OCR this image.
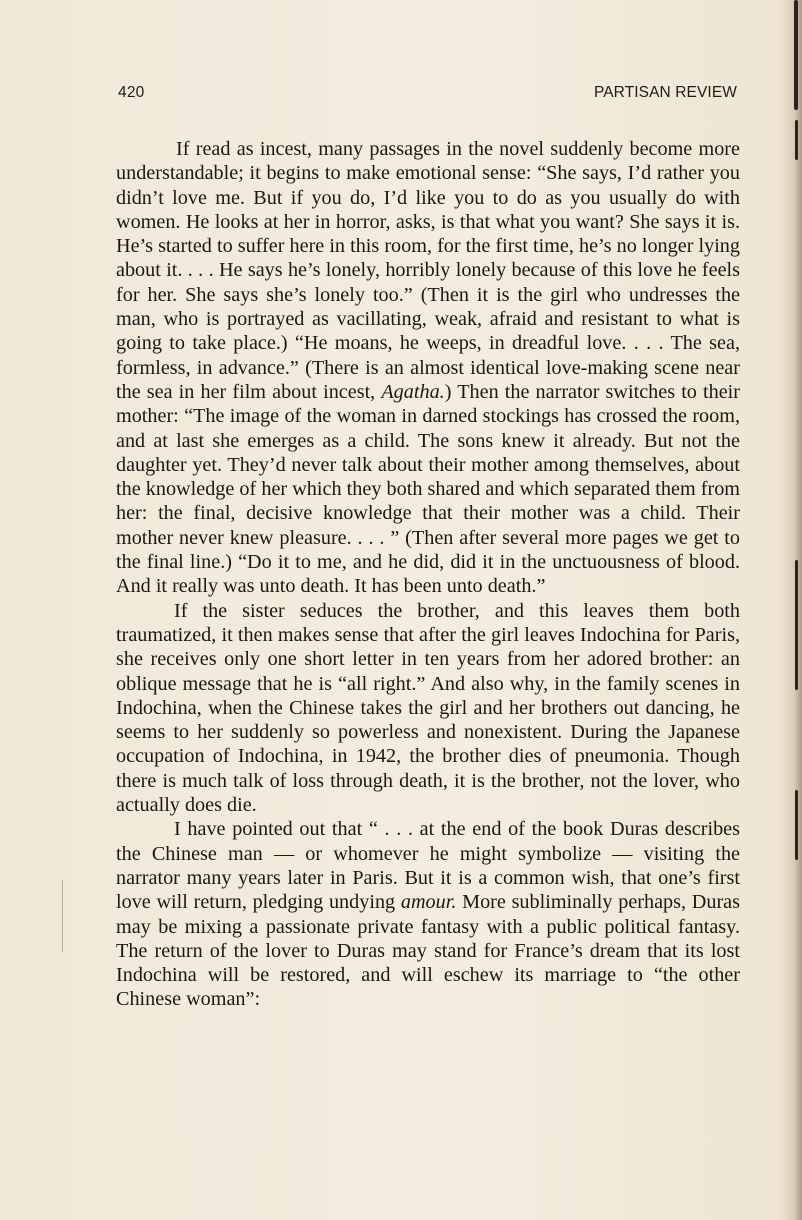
420	PARTISAN REVIEW

If read as incest, many passages in the novel suddenly become more understandable; it begins to make emotional sense: “She says, I’d rather you didn’t love me. But if you do, I’d like you to do as you usually do with women. He looks at her in horror, asks, is that what you want? She says it is. He’s started to suffer here in this room, for the first time, he’s no longer lying about it. . . . He says he’s lonely, horribly lonely because of this love he feels for her. She says she’s lonely too.” (Then it is the girl who undresses the man, who is portrayed as vacillating, weak, afraid and resistant to what is going to take place.) “He moans, he weeps, in dreadful love. . . . The sea, formless, in advance.” (There is an almost identical love-making scene near the sea in her film about incest, Agatha.) Then the narrator switches to their mother: “The image of the woman in darned stockings has crossed the room, and at last she emerges as a child. The sons knew it already. But not the daughter yet. They’d never talk about their mother among themselves, about the knowledge of her which they both shared and which separated them from her: the final, decisive knowledge that their mother was a child. Their mother never knew pleasure. . . . ” (Then after several more pages we get to the final line.) “Do it to me, and he did, did it in the unctuousness of blood. And it really was unto death. It has been unto death.”

If the sister seduces the brother, and this leaves them both traumatized, it then makes sense that after the girl leaves Indochina for Paris, she receives only one short letter in ten years from her adored brother: an oblique message that he is “all right.” And also why, in the family scenes in Indochina, when the Chinese takes the girl and her brothers out dancing, he seems to her suddenly so powerless and nonexistent. During the Japanese occupation of Indochina, in 1942, the brother dies of pneumonia. Though there is much talk of loss through death, it is the brother, not the lover, who actually does die.

I have pointed out that “ . . . at the end of the book Duras describes the Chinese man — or whomever he might symbolize — visiting the narrator many years later in Paris. But it is a common wish, that one’s first love will return, pledging undying amour. More subliminally perhaps, Duras may be mixing a passionate private fantasy with a public political fantasy. The return of the lover to Duras may stand for France’s dream that its lost Indochina will be restored, and will eschew its marriage to “the other Chinese woman”:
